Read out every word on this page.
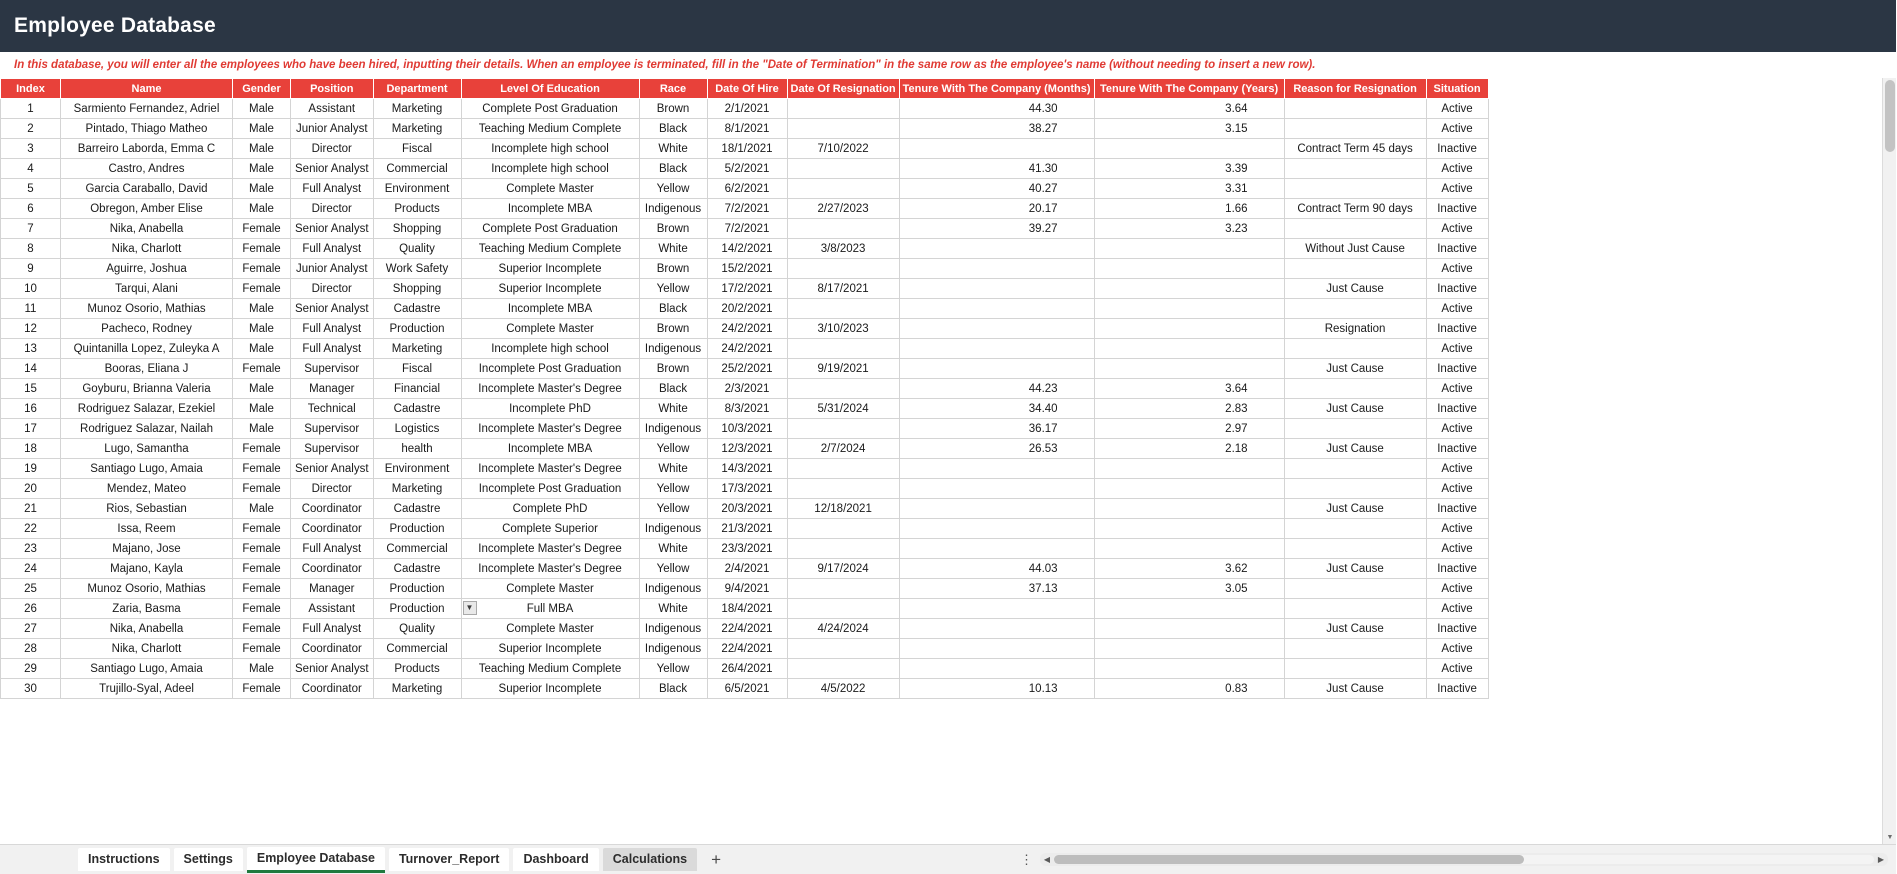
Employee Database
In this database, you will enter all the employees who have been hired, inputting their details. When an employee is terminated, fill in the "Date of Termination" in the same row as the employee's name (without needing to insert a new row).
Index	Name	Gender	Position	Department	Level Of Education	Race	Date Of Hire	Date Of Resignation	Tenure With The Company (Months)	Tenure With The Company (Years)	Reason for Resignation	Situation
1	Sarmiento Fernandez, Adriel	Male	Assistant	Marketing	Complete Post Graduation	Brown	2/1/2021		44.30	3.64		Active
2	Pintado, Thiago Matheo	Male	Junior Analyst	Marketing	Teaching Medium Complete	Black	8/1/2021		38.27	3.15		Active
3	Barreiro Laborda, Emma C	Male	Director	Fiscal	Incomplete high school	White	18/1/2021	7/10/2022			Contract Term 45 days	Inactive
4	Castro, Andres	Male	Senior Analyst	Commercial	Incomplete high school	Black	5/2/2021		41.30	3.39		Active
5	Garcia Caraballo, David	Male	Full Analyst	Environment	Complete Master	Yellow	6/2/2021		40.27	3.31		Active
6	Obregon, Amber Elise	Male	Director	Products	Incomplete MBA	Indigenous	7/2/2021	2/27/2023	20.17	1.66	Contract Term 90 days	Inactive
7	Nika, Anabella	Female	Senior Analyst	Shopping	Complete Post Graduation	Brown	7/2/2021		39.27	3.23		Active
8	Nika, Charlott	Female	Full Analyst	Quality	Teaching Medium Complete	White	14/2/2021	3/8/2023			Without Just Cause	Inactive
9	Aguirre, Joshua	Female	Junior Analyst	Work Safety	Superior Incomplete	Brown	15/2/2021					Active
10	Tarqui, Alani	Female	Director	Shopping	Superior Incomplete	Yellow	17/2/2021	8/17/2021			Just Cause	Inactive
11	Munoz Osorio, Mathias	Male	Senior Analyst	Cadastre	Incomplete MBA	Black	20/2/2021					Active
12	Pacheco, Rodney	Male	Full Analyst	Production	Complete Master	Brown	24/2/2021	3/10/2023			Resignation	Inactive
13	Quintanilla Lopez, Zuleyka A	Male	Full Analyst	Marketing	Incomplete high school	Indigenous	24/2/2021					Active
14	Booras, Eliana J	Female	Supervisor	Fiscal	Incomplete Post Graduation	Brown	25/2/2021	9/19/2021			Just Cause	Inactive
15	Goyburu, Brianna Valeria	Male	Manager	Financial	Incomplete Master's Degree	Black	2/3/2021		44.23	3.64		Active
16	Rodriguez Salazar, Ezekiel	Male	Technical	Cadastre	Incomplete PhD	White	8/3/2021	5/31/2024	34.40	2.83	Just Cause	Inactive
17	Rodriguez Salazar, Nailah	Male	Supervisor	Logistics	Incomplete Master's Degree	Indigenous	10/3/2021		36.17	2.97		Active
18	Lugo, Samantha	Female	Supervisor	health	Incomplete MBA	Yellow	12/3/2021	2/7/2024	26.53	2.18	Just Cause	Inactive
19	Santiago Lugo, Amaia	Female	Senior Analyst	Environment	Incomplete Master's Degree	White	14/3/2021					Active
20	Mendez, Mateo	Female	Director	Marketing	Incomplete Post Graduation	Yellow	17/3/2021					Active
21	Rios, Sebastian	Male	Coordinator	Cadastre	Complete PhD	Yellow	20/3/2021	12/18/2021			Just Cause	Inactive
22	Issa, Reem	Female	Coordinator	Production	Complete Superior	Indigenous	21/3/2021					Active
23	Majano, Jose	Female	Full Analyst	Commercial	Incomplete Master's Degree	White	23/3/2021					Active
24	Majano, Kayla	Female	Coordinator	Cadastre	Incomplete Master's Degree	Yellow	2/4/2021	9/17/2024	44.03	3.62	Just Cause	Inactive
25	Munoz Osorio, Mathias	Female	Manager	Production	Complete Master	Indigenous	9/4/2021		37.13	3.05		Active
26	Zaria, Basma	Female	Assistant	Production ▼	Full MBA	White	18/4/2021					Active
27	Nika, Anabella	Female	Full Analyst	Quality	Complete Master	Indigenous	22/4/2021	4/24/2024			Just Cause	Inactive
28	Nika, Charlott	Female	Coordinator	Commercial	Superior Incomplete	Indigenous	22/4/2021					Active
29	Santiago Lugo, Amaia	Male	Senior Analyst	Products	Teaching Medium Complete	Yellow	26/4/2021					Active
30	Trujillo-Syal, Adeel	Female	Coordinator	Marketing	Superior Incomplete	Black	6/5/2021	4/5/2022	10.13	0.83	Just Cause	Inactive
▼
Instructions	Settings	Employee Database	Turnover_Report	Dashboard	Calculations	+	⋮	◀	▶
